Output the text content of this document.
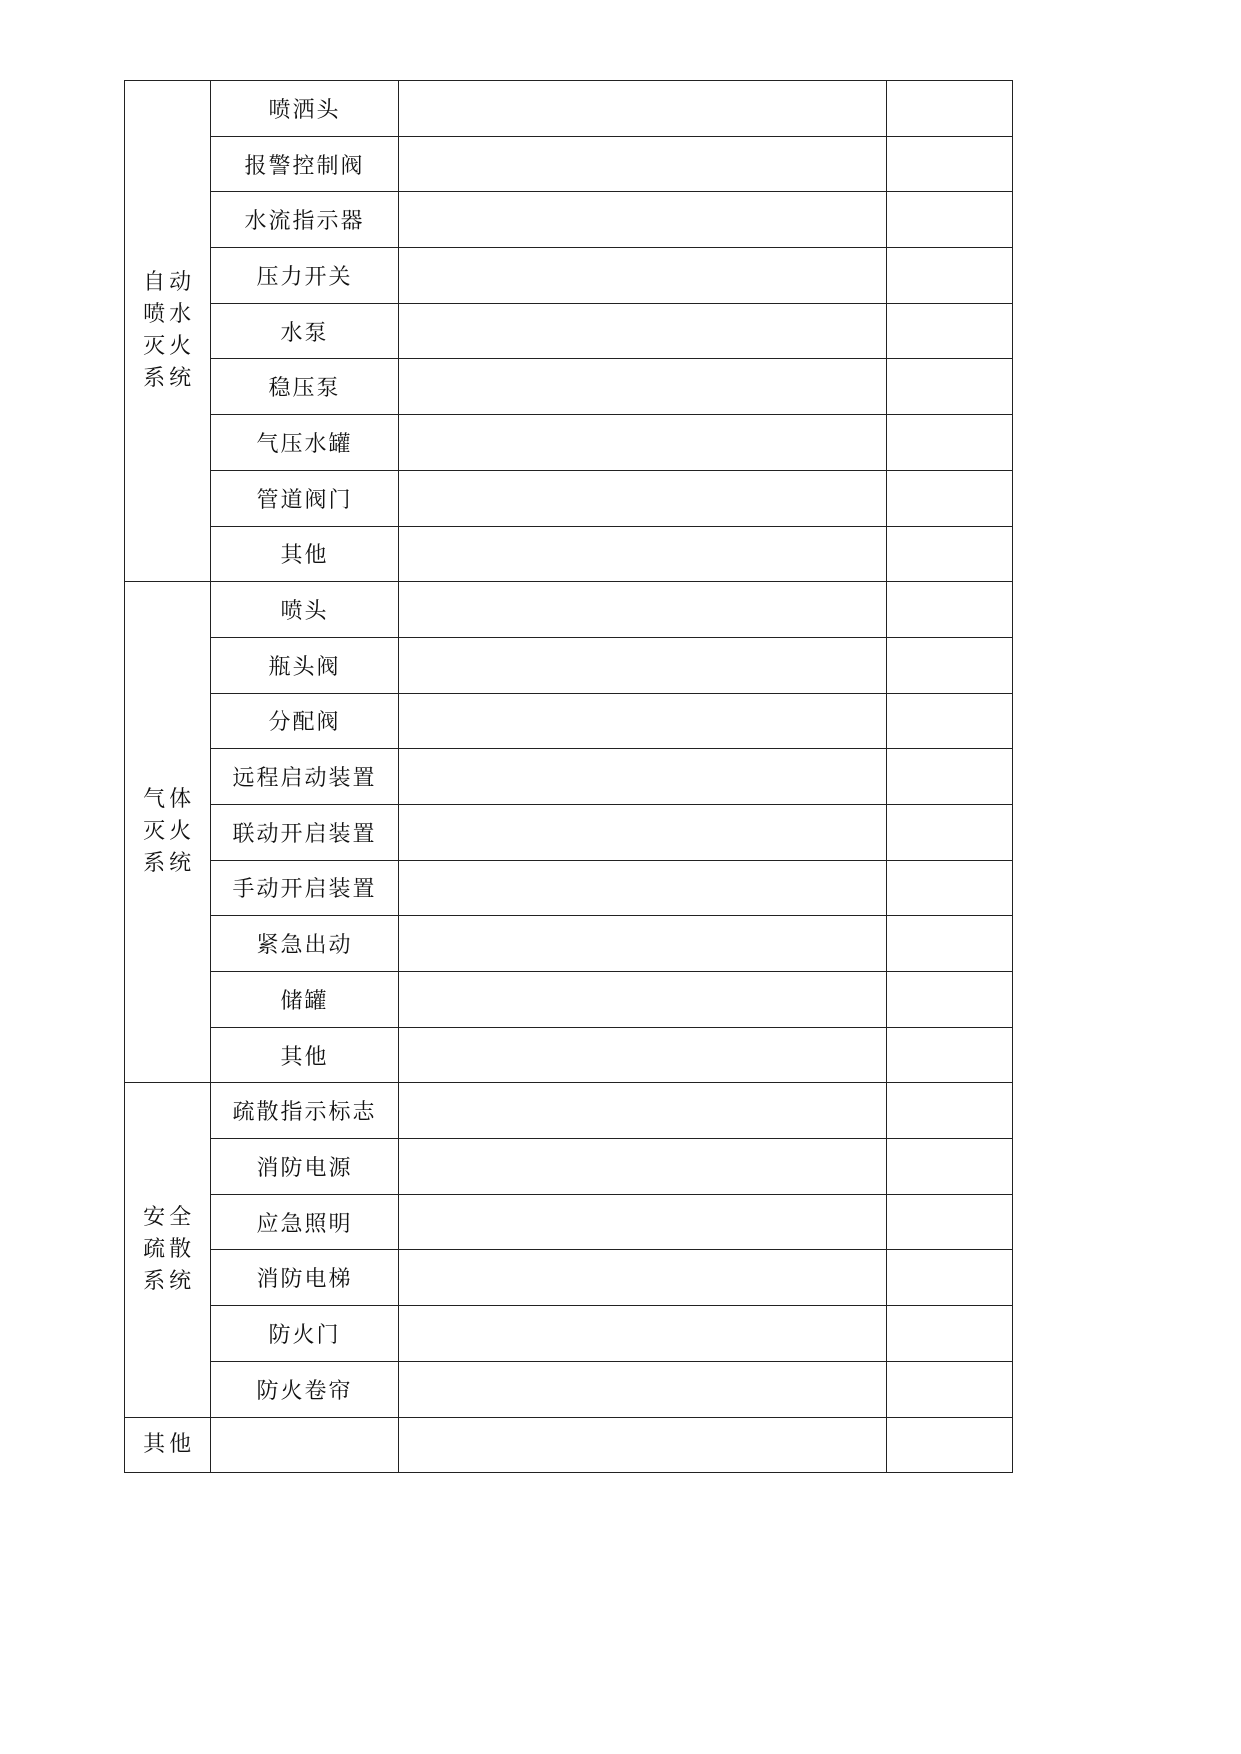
自动喷水灭火系统	喷洒头		
	报警控制阀		
	水流指示器		
	压力开关		
	水泵		
	稳压泵		
	气压水罐		
	管道阀门		
	其他		
气体灭火系统	喷头		
	瓶头阀		
	分配阀		
	远程启动装置		
	联动开启装置		
	手动开启装置		
	紧急出动		
	储罐		
	其他		
安全疏散系统	疏散指示标志		
	消防电源		
	应急照明		
	消防电梯		
	防火门		
	防火卷帘		
其他			
